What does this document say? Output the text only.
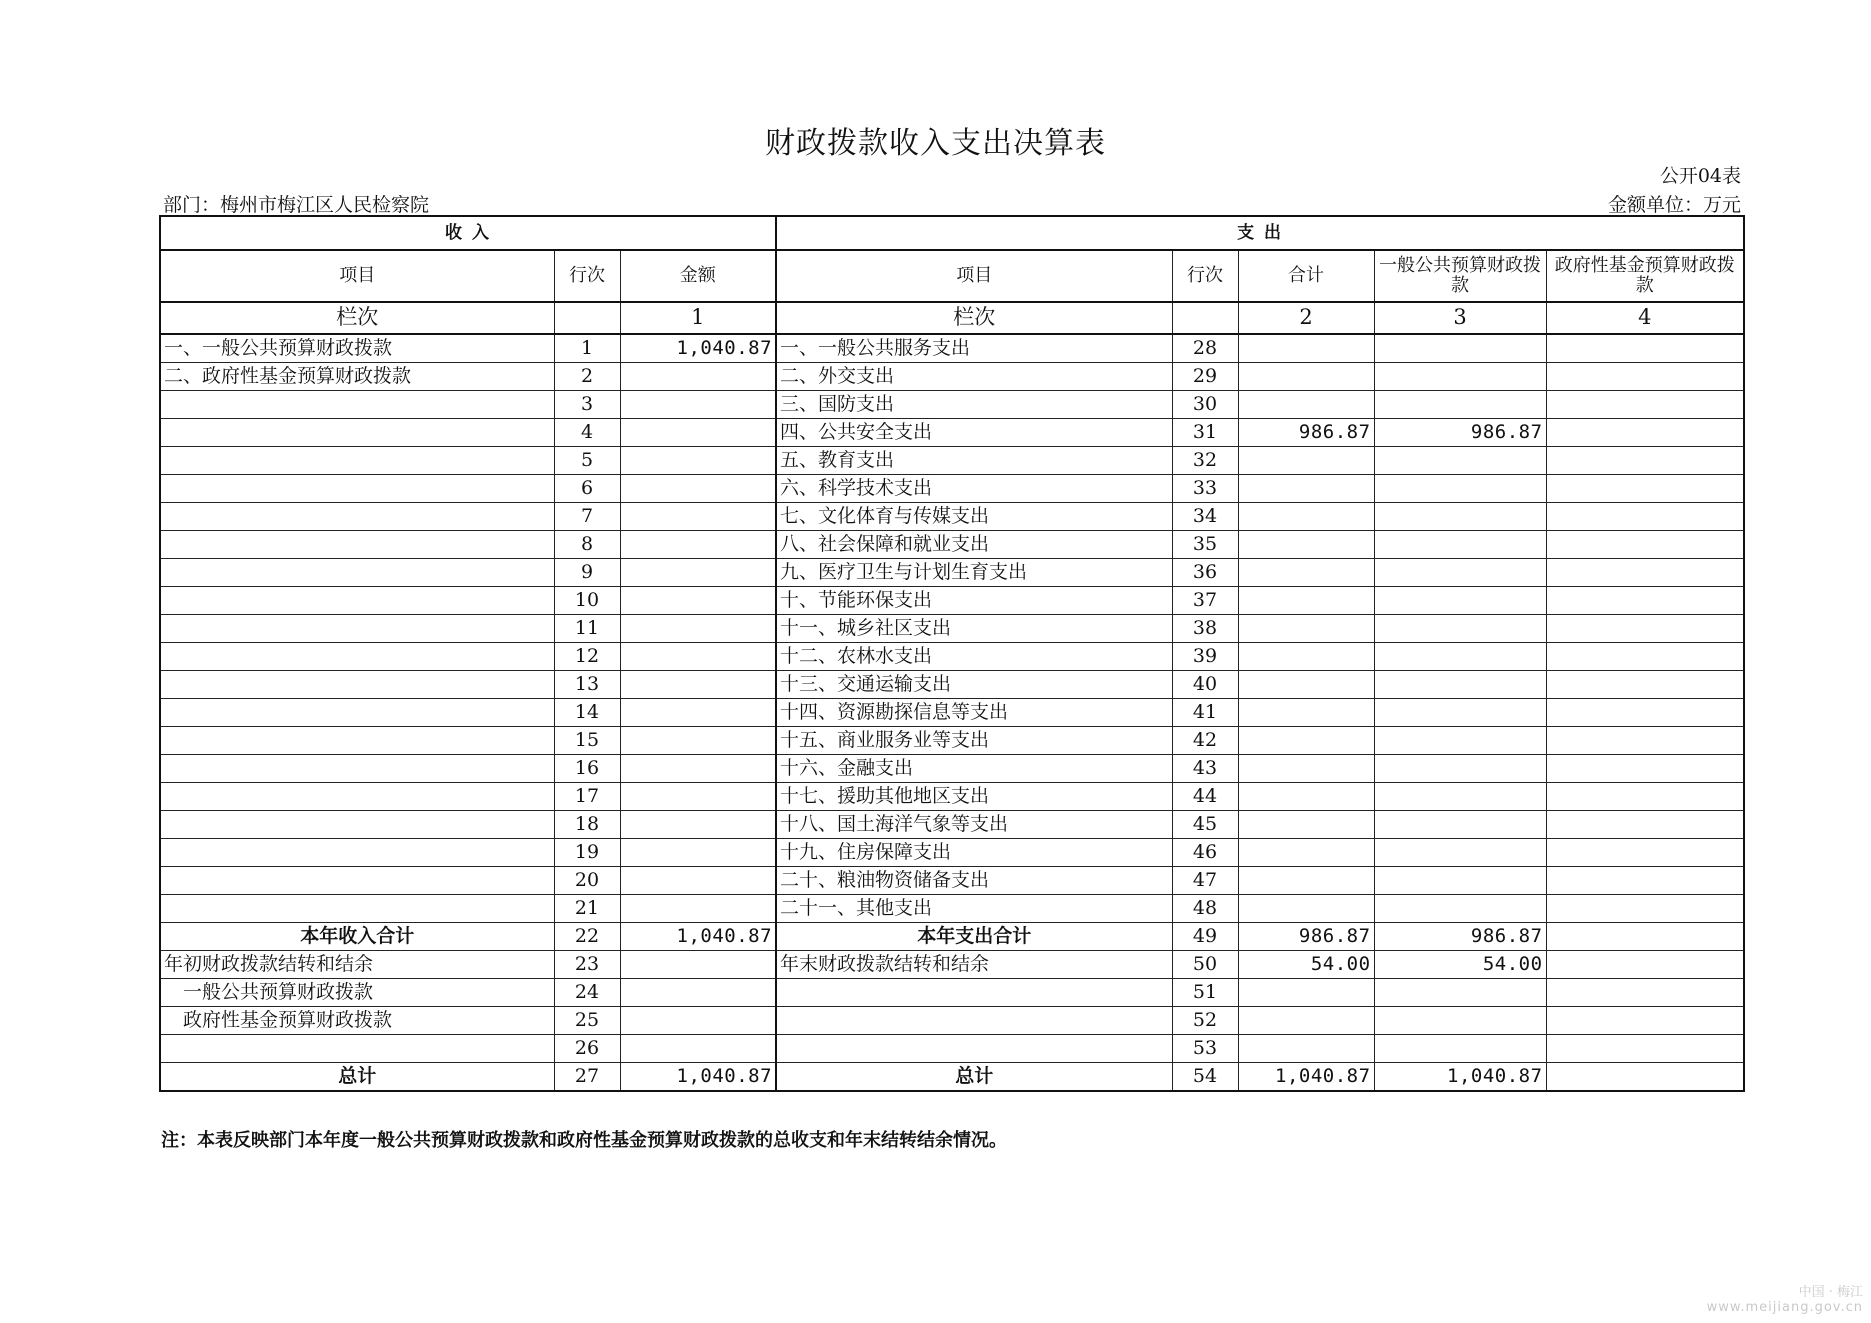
财政拨款收入支出决算表
公开04表
部门：梅州市梅江区人民检察院	金额单位：万元
收 入			支 出				
项目	行次	金额	项目	行次	合计	一般公共预算财政拨款	政府性基金预算财政拨款
栏次		1	栏次		2	3	4
一、一般公共预算财政拨款	1	1,040.87	一、一般公共服务支出	28			
二、政府性基金预算财政拨款	2		二、外交支出	29			
	3		三、国防支出	30			
	4		四、公共安全支出	31	986.87	986.87	
	5		五、教育支出	32			
	6		六、科学技术支出	33			
	7		七、文化体育与传媒支出	34			
	8		八、社会保障和就业支出	35			
	9		九、医疗卫生与计划生育支出	36			
	10		十、节能环保支出	37			
	11		十一、城乡社区支出	38			
	12		十二、农林水支出	39			
	13		十三、交通运输支出	40			
	14		十四、资源勘探信息等支出	41			
	15		十五、商业服务业等支出	42			
	16		十六、金融支出	43			
	17		十七、援助其他地区支出	44			
	18		十八、国土海洋气象等支出	45			
	19		十九、住房保障支出	46			
	20		二十、粮油物资储备支出	47			
	21		二十一、其他支出	48			
本年收入合计	22	1,040.87	本年支出合计	49	986.87	986.87	
年初财政拨款结转和结余	23		年末财政拨款结转和结余	50	54.00	54.00	
一般公共预算财政拨款	24			51			
政府性基金预算财政拨款	25			52			
	26			53			
总计	27	1,040.87	总计	54	1,040.87	1,040.87	
注：本表反映部门本年度一般公共预算财政拨款和政府性基金预算财政拨款的总收支和年末结转结余情况。
中国 · 梅江
www.meijiang.gov.cn
